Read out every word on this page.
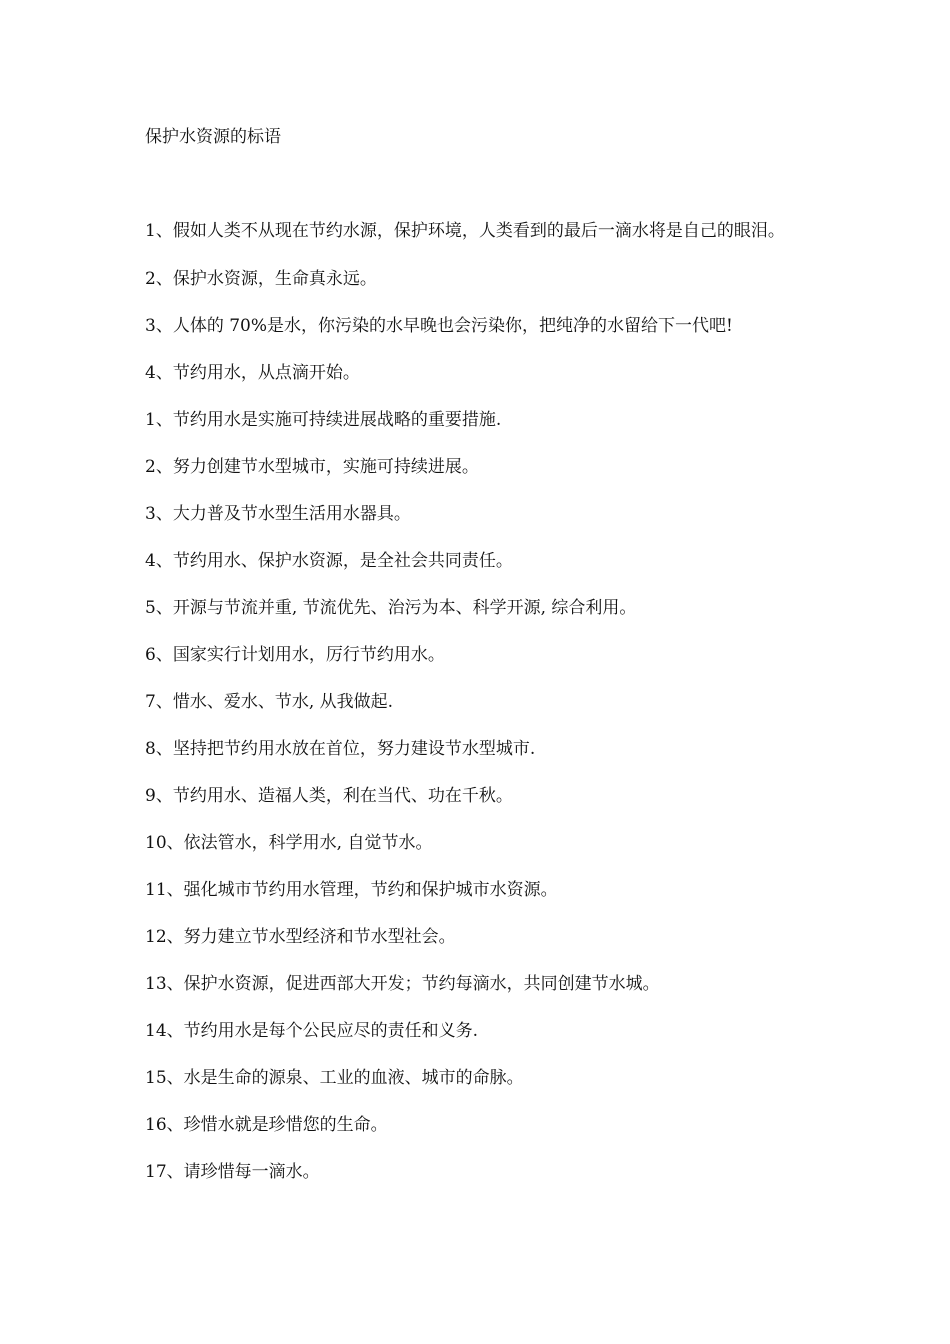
保护水资源的标语
1、假如人类不从现在节约水源，保护环境，人类看到的最后一滴水将是自己的眼泪。
2、保护水资源，生命真永远。
3、人体的 70%是水，你污染的水早晚也会污染你，把纯净的水留给下一代吧!
4、节约用水，从点滴开始。
1、节约用水是实施可持续进展战略的重要措施.
2、努力创建节水型城市，实施可持续进展。
3、大力普及节水型生活用水器具。
4、节约用水、保护水资源，是全社会共同责任。
5、开源与节流并重, 节流优先、治污为本、科学开源, 综合利用。
6、国家实行计划用水，厉行节约用水。
7、惜水、爱水、节水, 从我做起.
8、坚持把节约用水放在首位，努力建设节水型城市.
9、节约用水、造福人类，利在当代、功在千秋。
10、依法管水，科学用水, 自觉节水。
11、强化城市节约用水管理，节约和保护城市水资源。
12、努力建立节水型经济和节水型社会。
13、保护水资源，促进西部大开发；节约每滴水，共同创建节水城。
14、节约用水是每个公民应尽的责任和义务.
15、水是生命的源泉、工业的血液、城市的命脉。
16、珍惜水就是珍惜您的生命。
17、请珍惜每一滴水。
